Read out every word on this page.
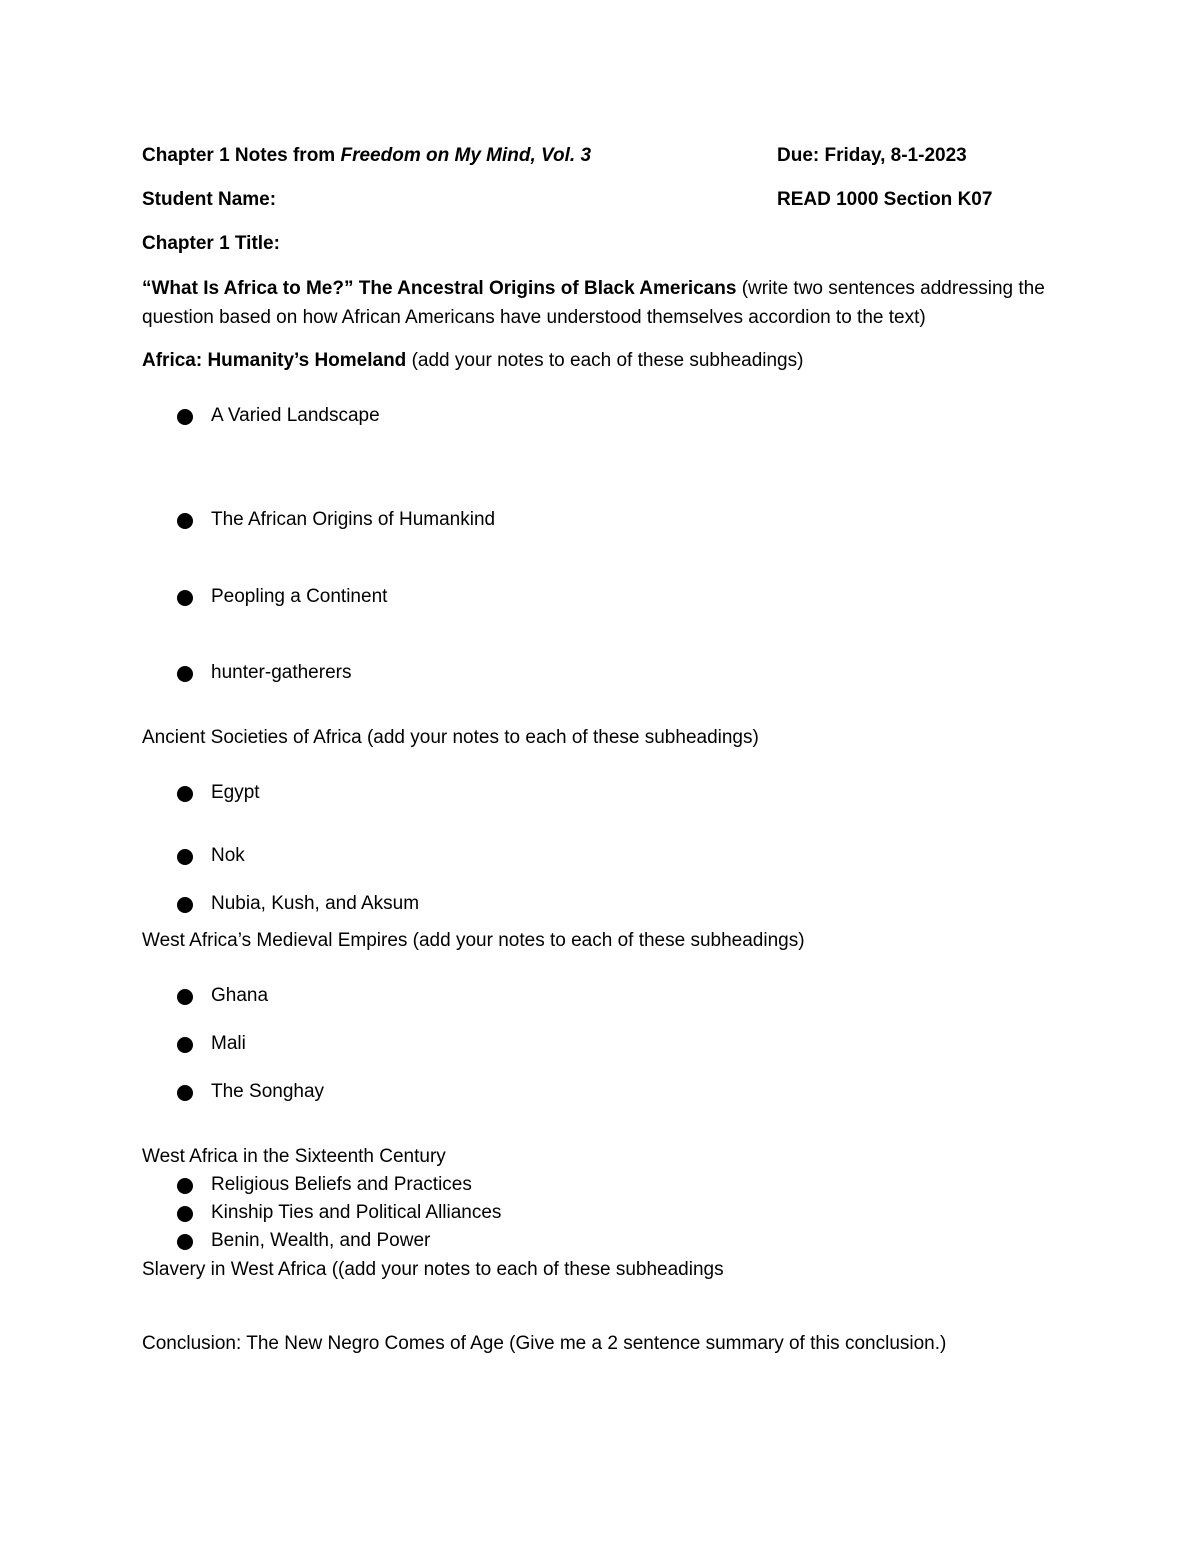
Chapter 1 Notes from Freedom on My Mind, Vol. 3	Due: Friday, 8-1-2023
Student Name:	READ 1000 Section K07
Chapter 1 Title:
“What Is Africa to Me?” The Ancestral Origins of Black Americans (write two sentences addressing the question based on how African Americans have understood themselves accordion to the text)
Africa: Humanity’s Homeland (add your notes to each of these subheadings)
A Varied Landscape
The African Origins of Humankind
Peopling a Continent
hunter-gatherers
Ancient Societies of Africa (add your notes to each of these subheadings)
Egypt
Nok
Nubia, Kush, and Aksum
West Africa’s Medieval Empires (add your notes to each of these subheadings)
Ghana
Mali
The Songhay
West Africa in the Sixteenth Century
Religious Beliefs and Practices
Kinship Ties and Political Alliances
Benin, Wealth, and Power
Slavery in West Africa ((add your notes to each of these subheadings
Conclusion: The New Negro Comes of Age (Give me a 2 sentence summary of this conclusion.)
